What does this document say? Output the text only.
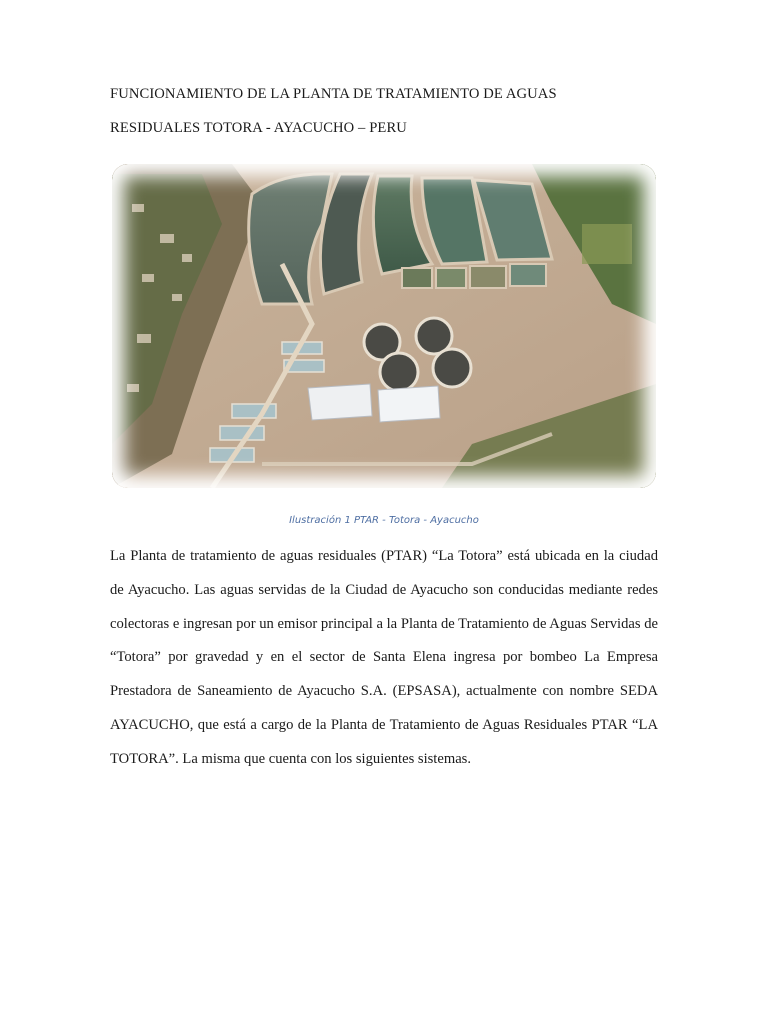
FUNCIONAMIENTO DE LA PLANTA DE TRATAMIENTO DE AGUAS
RESIDUALES TOTORA - AYACUCHO – PERU
Ilustración 1 PTAR - Totora - Ayacucho

La Planta de tratamiento de aguas residuales (PTAR) “La Totora” está ubicada en la ciudad de Ayacucho. Las aguas servidas de la Ciudad de Ayacucho son conducidas mediante redes colectoras e ingresan por un emisor principal a la Planta de Tratamiento de Aguas Servidas de “Totora” por gravedad y en el sector de Santa Elena ingresa por bombeo La Empresa Prestadora de Saneamiento de Ayacucho S.A. (EPSASA), actualmente con nombre SEDA AYACUCHO, que está a cargo de la Planta de Tratamiento de Aguas Residuales PTAR “LA TOTORA”. La misma que cuenta con los siguientes sistemas.
